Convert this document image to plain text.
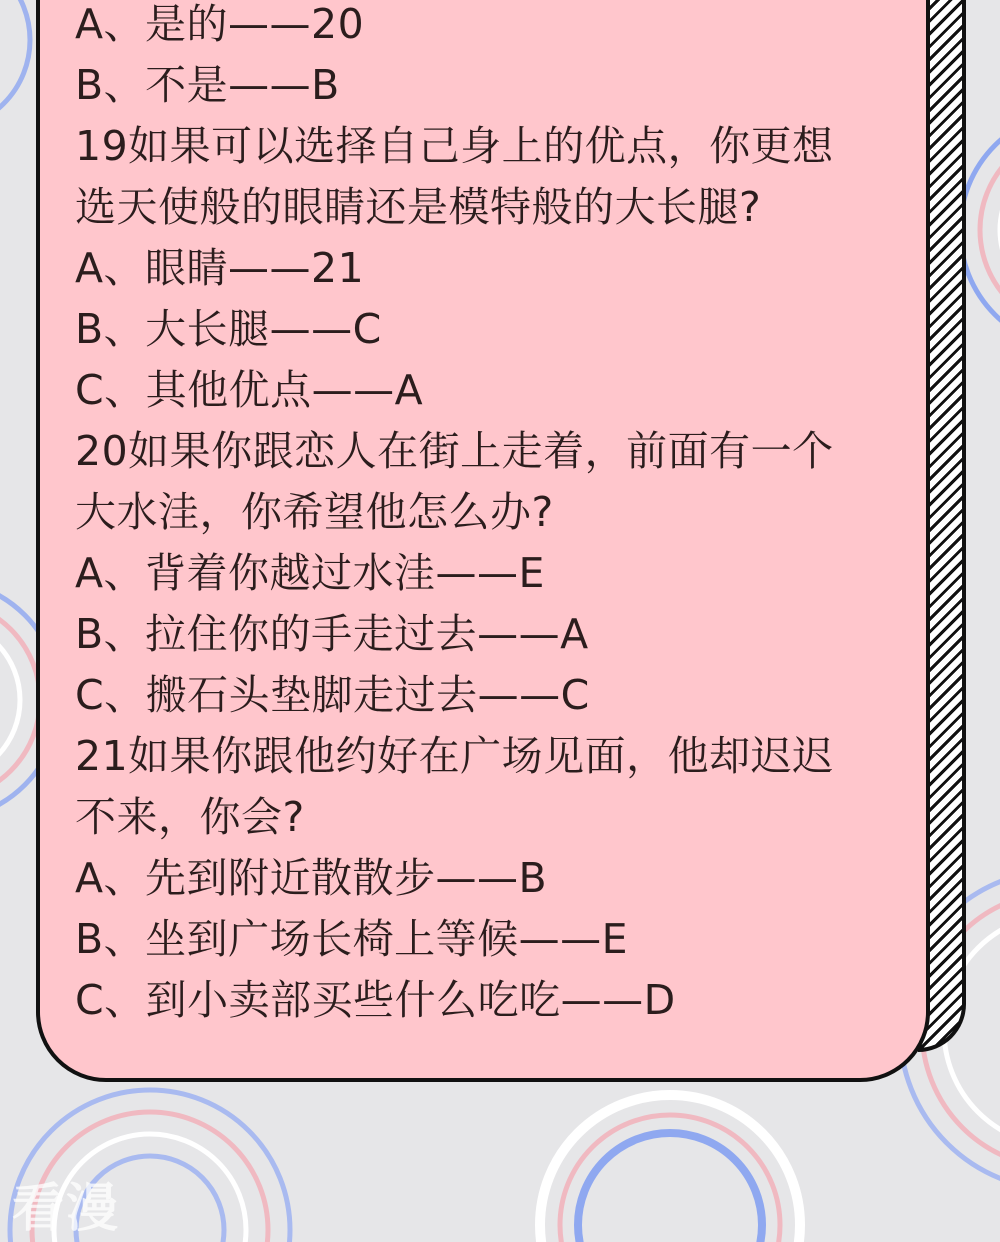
A、是的——20
B、不是——B
19如果可以选择自己身上的优点，你更想
选天使般的眼睛还是模特般的大长腿?
A、眼睛——21
B、大长腿——C
C、其他优点——A
20如果你跟恋人在街上走着，前面有一个
大水洼，你希望他怎么办?
A、背着你越过水洼——E
B、拉住你的手走过去——A
C、搬石头垫脚走过去——C
21如果你跟他约好在广场见面，他却迟迟
不来，你会?
A、先到附近散散步——B
B、坐到广场长椅上等候——E
C、到小卖部买些什么吃吃——D
看漫
